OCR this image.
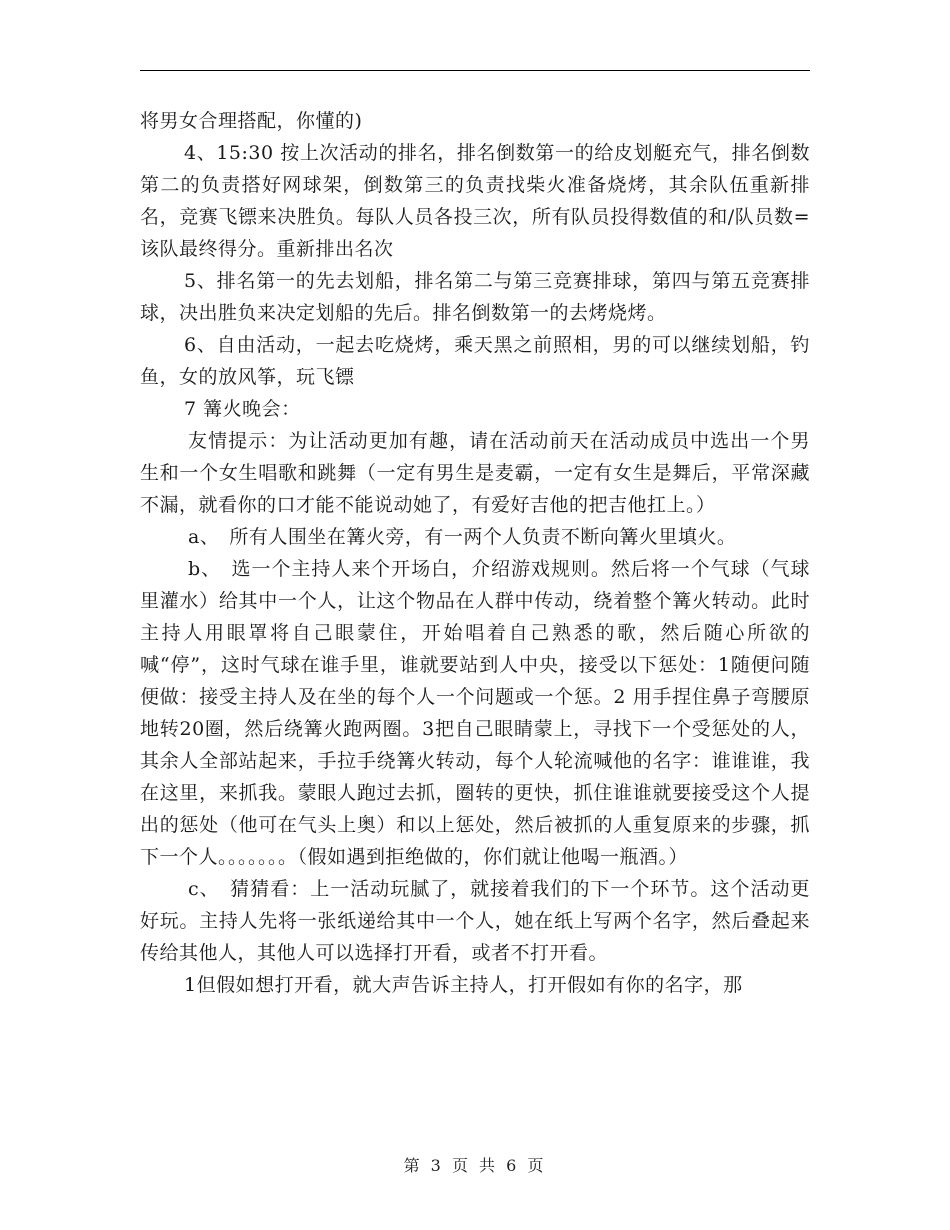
将男女合理搭配，你懂的)

4、15:30 按上次活动的排名，排名倒数第一的给皮划艇充气，排名倒数第二的负责搭好网球架，倒数第三的负责找柴火准备烧烤，其余队伍重新排名，竞赛飞镖来决胜负。每队人员各投三次，所有队员投得数值的和/队员数=该队最终得分。重新排出名次

5、排名第一的先去划船，排名第二与第三竞赛排球，第四与第五竞赛排球，决出胜负来决定划船的先后。排名倒数第一的去烤烧烤。

6、自由活动，一起去吃烧烤，乘天黑之前照相，男的可以继续划船，钓鱼，女的放风筝，玩飞镖

7 篝火晚会：

友情提示：为让活动更加有趣，请在活动前天在活动成员中选出一个男生和一个女生唱歌和跳舞（一定有男生是麦霸，一定有女生是舞后，平常深藏不漏，就看你的口才能不能说动她了，有爱好吉他的把吉他扛上。）

a、　所有人围坐在篝火旁，有一两个人负责不断向篝火里填火。

b、　选一个主持人来个开场白，介绍游戏规则。然后将一个气球（气球里灌水）给其中一个人，让这个物品在人群中传动，绕着整个篝火转动。此时主持人用眼罩将自己眼蒙住，开始唱着自己熟悉的歌，然后随心所欲的喊“停”，这时气球在谁手里，谁就要站到人中央，接受以下惩处：1随便问随便做：接受主持人及在坐的每个人一个问题或一个惩。2 用手捏住鼻子弯腰原地转20圈，然后绕篝火跑两圈。3把自己眼睛蒙上，寻找下一个受惩处的人，其余人全部站起来，手拉手绕篝火转动，每个人轮流喊他的名字：谁谁谁，我在这里，来抓我。蒙眼人跑过去抓，圈转的更快，抓住谁谁就要接受这个人提出的惩处（他可在气头上奥）和以上惩处，然后被抓的人重复原来的步骤，抓下一个人。。。。。。。（假如遇到拒绝做的，你们就让他喝一瓶酒。）

c、　猜猜看：上一活动玩腻了，就接着我们的下一个环节。这个活动更好玩。主持人先将一张纸递给其中一个人，她在纸上写两个名字，然后叠起来传给其他人，其他人可以选择打开看，或者不打开看。

1但假如想打开看，就大声告诉主持人，打开假如有你的名字，那

第 3 页 共 6 页
